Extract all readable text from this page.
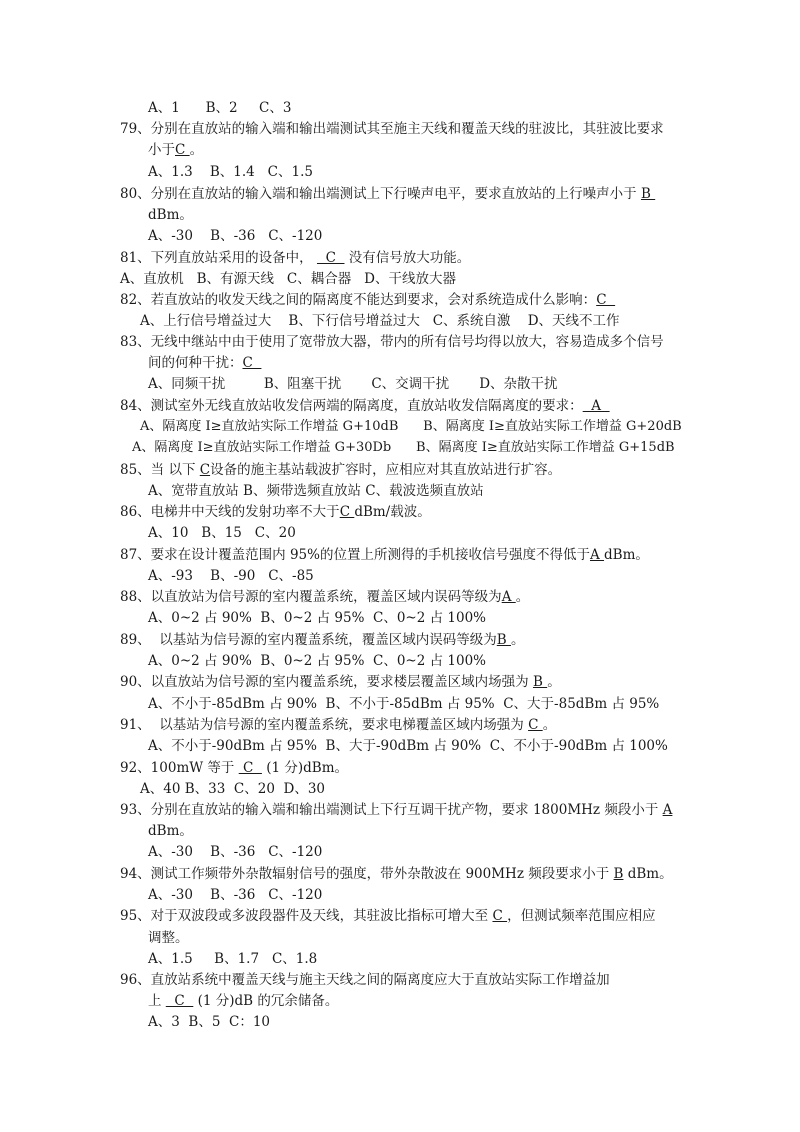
A、1      B、2     C、3
79、分别在直放站的输入端和输出端测试其至施主天线和覆盖天线的驻波比，其驻波比要求
小于C 。
A、1.3    B、1.4   C、1.5
80、分别在直放站的输入端和输出端测试上下行噪声电平，要求直放站的上行噪声小于 B
dBm。
A、-30    B、-36   C、-120
81、下列直放站采用的设备中，   C   没有信号放大功能。
A、直放机   B、有源天线   C、耦合器   D、干线放大器
82、若直放站的收发天线之间的隔离度不能达到要求，会对系统造成什么影响：C
A、上行信号增益过大    B、下行信号增益过大   C、系统自激    D、天线不工作
83、无线中继站中由于使用了宽带放大器，带内的所有信号均得以放大，容易造成多个信号
间的何种干扰：C
A、同频干扰         B、阻塞干扰       C、交调干扰       D、杂散干扰
84、测试室外无线直放站收发信两端的隔离度，直放站收发信隔离度的要求：  A
A、隔离度 I≥直放站实际工作增益 G+10dB      B、隔离度 I≥直放站实际工作增益 G+20dB
A、隔离度 I≥直放站实际工作增益 G+30Db      B、隔离度 I≥直放站实际工作增益 G+15dB
85、当 以下 C设备的施主基站载波扩容时，应相应对其直放站进行扩容。
A、宽带直放站 B、频带选频直放站 C、载波选频直放站
86、电梯井中天线的发射功率不大于C dBm/载波。
A、10   B、15   C、20
87、要求在设计覆盖范围内 95%的位置上所测得的手机接收信号强度不得低于A dBm。
A、-93    B、-90   C、-85
88、以直放站为信号源的室内覆盖系统，覆盖区域内误码等级为A 。
A、0~2 占 90%  B、0~2 占 95%  C、0~2 占 100%
89、  以基站为信号源的室内覆盖系统，覆盖区域内误码等级为B 。
A、0~2 占 90%  B、0~2 占 95%  C、0~2 占 100%
90、以直放站为信号源的室内覆盖系统，要求楼层覆盖区域内场强为 B 。
A、不小于-85dBm 占 90%  B、不小于-85dBm 占 95%  C、大于-85dBm 占 95%
91、  以基站为信号源的室内覆盖系统，要求电梯覆盖区域内场强为 C 。
A、不小于-90dBm 占 95%  B、大于-90dBm 占 90%  C、不小于-90dBm 占 100%
92、100mW 等于  C   (1 分)dBm。
A、40 B、33  C、20  D、30
93、分别在直放站的输入端和输出端测试上下行互调干扰产物，要求 1800MHz 频段小于 A
dBm。
A、-30    B、-36   C、-120
94、测试工作频带外杂散辐射信号的强度，带外杂散波在 900MHz 频段要求小于 B dBm。
A、-30    B、-36   C、-120
95、对于双波段或多波段器件及天线，其驻波比指标可增大至 C ，但测试频率范围应相应
调整。
A、1.5     B、1.7   C、1.8
96、直放站系统中覆盖天线与施主天线之间的隔离度应大于直放站实际工作增益加
上   C   (1 分)dB 的冗余储备。
A、3  B、5  C：10
